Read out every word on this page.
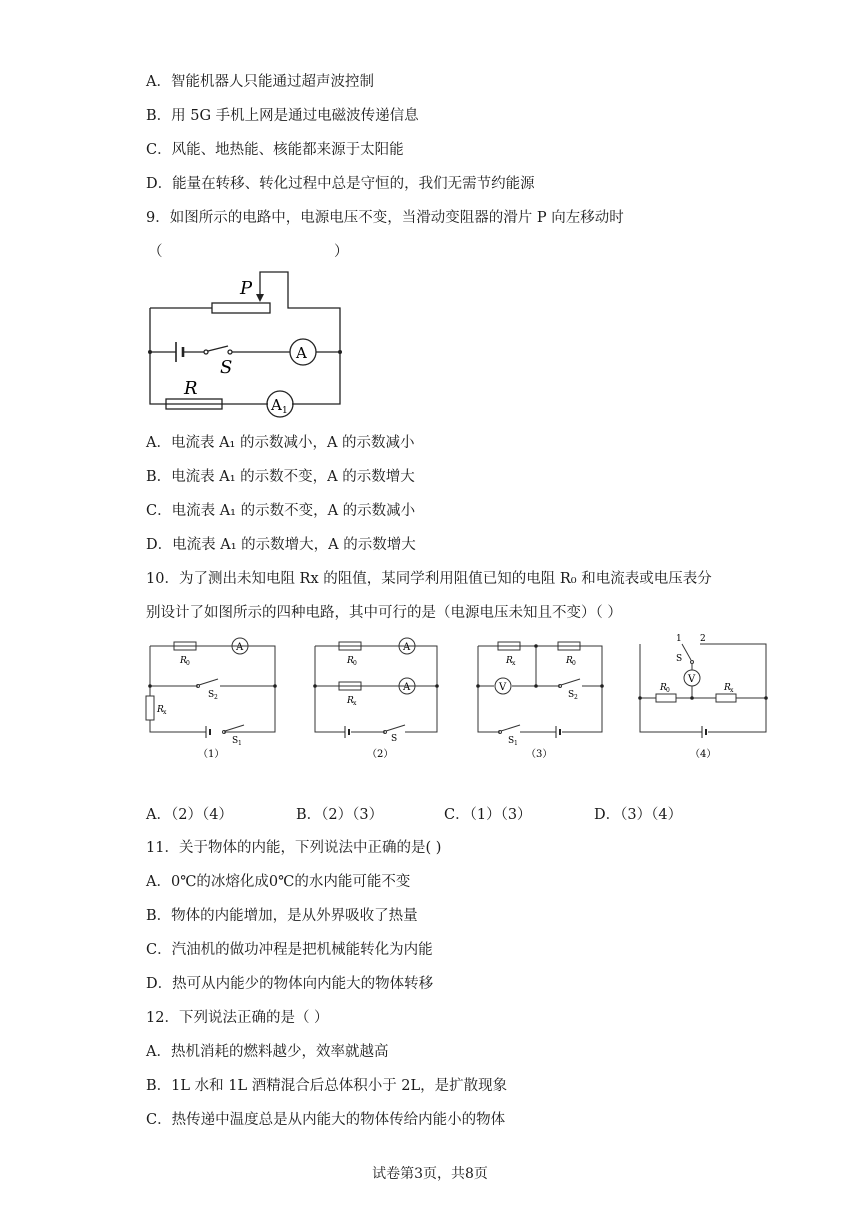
A．智能机器人只能通过超声波控制
B．用 5G 手机上网是通过电磁波传递信息
C．风能、地热能、核能都来源于太阳能
D．能量在转移、转化过程中总是守恒的，我们无需节约能源
9．如图所示的电路中，电源电压不变，当滑动变阻器的滑片 P 向左移动时
（	）
P
S
A
R
A 1
A．电流表 A₁ 的示数减小，A 的示数减小
B．电流表 A₁ 的示数不变，A 的示数增大
C．电流表 A₁ 的示数不变，A 的示数减小
D．电流表 A₁ 的示数增大，A 的示数增大
10．为了测出未知电阻 Rx 的阻值，某同学利用阻值已知的电阻 R₀ 和电流表或电压表分
别设计了如图所示的四种电路，其中可行的是（电源电压未知且不变）（ ）
R 0
A
S 2
R x
S 1
（1）
R 0
A
R x
A
S
（2）
R x	R 0
V
S 2
S 1
（3）
1 2
S
V
R 0	R x
（4）
A．（2）（4）	B．（2）（3）	C．（1）（3）	D．（3）（4）
11．关于物体的内能，下列说法中正确的是( )
A．0℃的冰熔化成0℃的水内能可能不变
B．物体的内能增加，是从外界吸收了热量
C．汽油机的做功冲程是把机械能转化为内能
D．热可从内能少的物体向内能大的物体转移
12．下列说法正确的是（ ）
A．热机消耗的燃料越少，效率就越高
B．1L 水和 1L 酒精混合后总体积小于 2L，是扩散现象
C．热传递中温度总是从内能大的物体传给内能小的物体
试卷第3页，共8页
